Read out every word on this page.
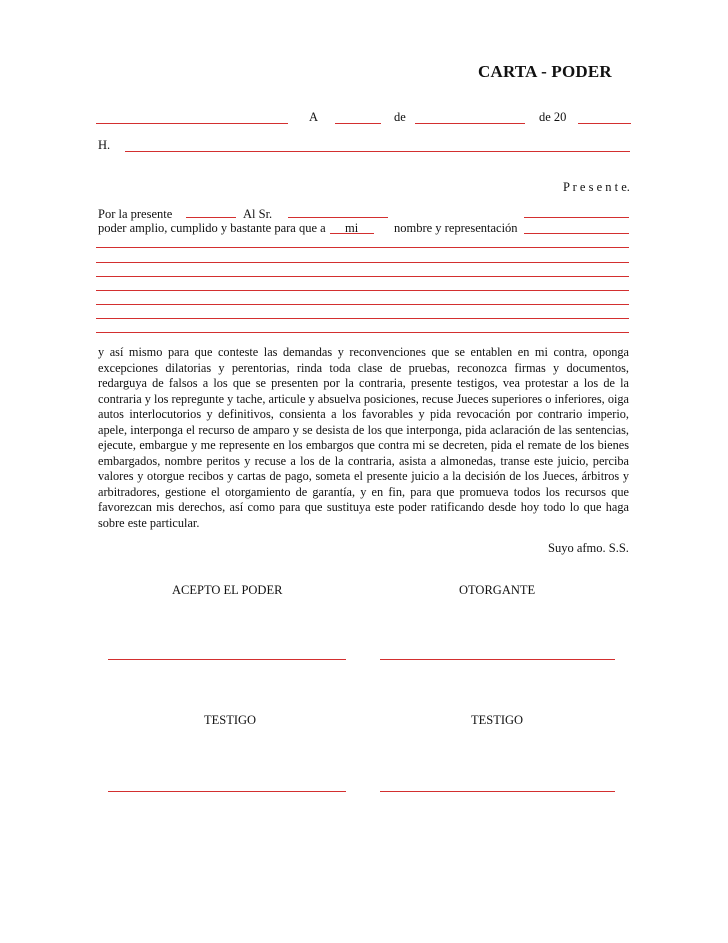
CARTA - PODER
A	de	de 20
H.
P r e s e n t e.
Por la presente	Al Sr.
poder amplio, cumplido y bastante para que a mi	nombre y representación
y así mismo para que conteste las demandas y reconvenciones que se entablen en mi contra, oponga excepciones dilatorias y perentorias, rinda toda clase de pruebas, reconozca firmas y documentos, redarguya de falsos a los que se presenten por la contraria, presente testigos, vea protestar a los de la contraria y los repregunte y tache, articule y absuelva posiciones, recuse Jueces superiores o inferiores, oiga autos interlocutorios y definitivos, consienta a los favorables y pida revocación por contrario imperio, apele, interponga el recurso de amparo y se desista de los que interponga, pida aclaración de las sentencias, ejecute, embargue y me represente en los embargos que contra mi se decreten, pida el remate de los bienes embargados, nombre peritos y recuse a los de la contraria, asista a almonedas, transe este juicio, perciba valores y otorgue recibos y cartas de pago, someta el presente juicio a la decisión de los Jueces, árbitros y arbitradores, gestione el otorgamiento de garantía, y en fin, para que promueva todos los recursos que favorezcan mis derechos, así como para que sustituya este poder ratificando desde hoy todo lo que haga sobre este particular.
Suyo afmo. S.S.
ACEPTO EL PODER	OTORGANTE
TESTIGO	TESTIGO
